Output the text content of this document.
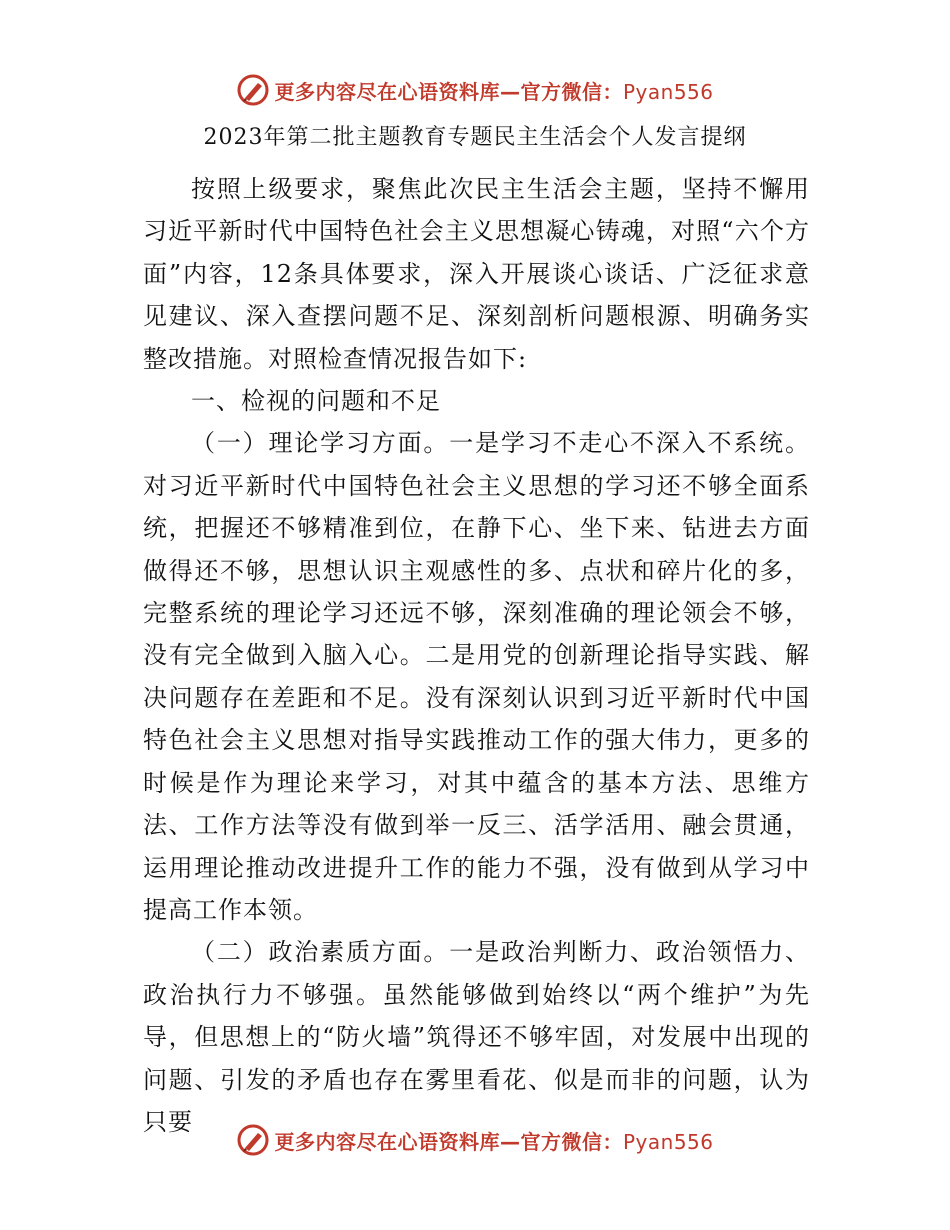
更多内容尽在心语资料库—官方微信：Pyan556
2023年第二批主题教育专题民主生活会个人发言提纲

按照上级要求，聚焦此次民主生活会主题，坚持不懈用习近平新时代中国特色社会主义思想凝心铸魂，对照“六个方面”内容，12条具体要求，深入开展谈心谈话、广泛征求意见建议、深入查摆问题不足、深刻剖析问题根源、明确务实整改措施。对照检查情况报告如下:

一、检视的问题和不足

（一）理论学习方面。一是学习不走心不深入不系统。对习近平新时代中国特色社会主义思想的学习还不够全面系统，把握还不够精准到位，在静下心、坐下来、钻进去方面做得还不够，思想认识主观感性的多、点状和碎片化的多，完整系统的理论学习还远不够，深刻准确的理论领会不够，没有完全做到入脑入心。二是用党的创新理论指导实践、解决问题存在差距和不足。没有深刻认识到习近平新时代中国特色社会主义思想对指导实践推动工作的强大伟力，更多的时候是作为理论来学习，对其中蕴含的基本方法、思维方法、工作方法等没有做到举一反三、活学活用、融会贯通，运用理论推动改进提升工作的能力不强，没有做到从学习中提高工作本领。

（二）政治素质方面。一是政治判断力、政治领悟力、政治执行力不够强。虽然能够做到始终以“两个维护”为先导，但思想上的“防火墙”筑得还不够牢固，对发展中出现的问题、引发的矛盾也存在雾里看花、似是而非的问题，认为只要

更多内容尽在心语资料库—官方微信：Pyan556
